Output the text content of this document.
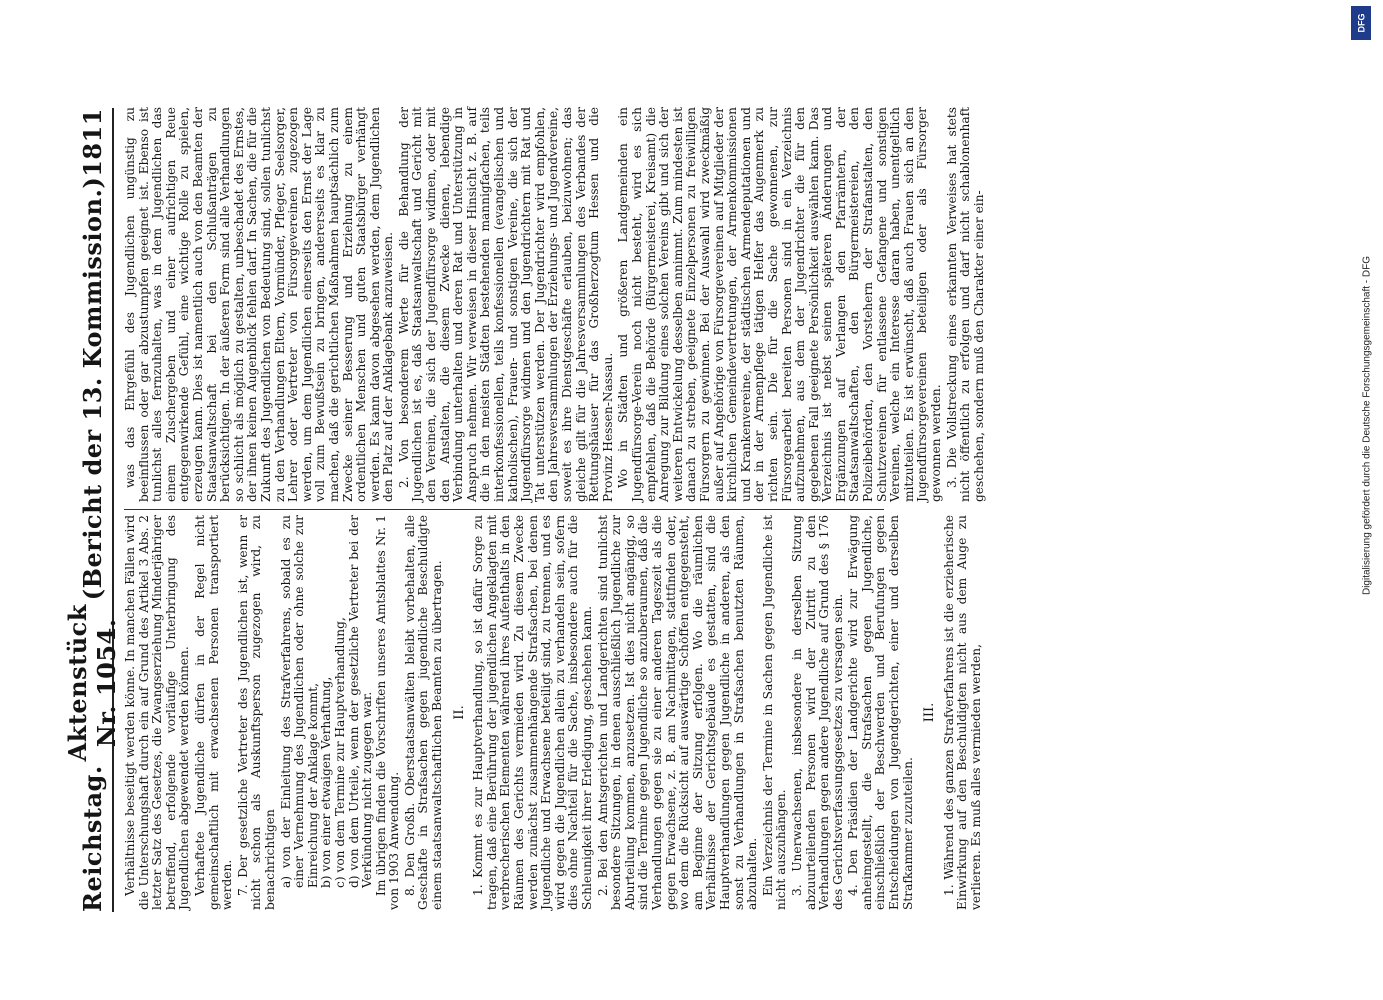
Reichstag.
Aktenstück Nr. 1054.
(Bericht der 13. Kommission.)
1811

Verhältnisse beseitigt werden könne. In manchen Fällen wird die Unterschungshaft durch ein auf Grund des Artikel 3 Abs. 2 letzter Satz des Gesetzes, die Zwangserziehung Minderjähriger betreffend, erfolgende vorläufige Unterbringung des Jugendlichen abgewendet werden können. Verhaftete Jugendliche dürfen in der Regel nicht gemeinschaftlich mit erwachsenen Personen transportiert werden. 7. Der gesetzliche Vertreter des Jugendlichen ist, wenn er nicht schon als Auskunftsperson zugezogen wird, zu benachrichtigen a) von der Einleitung des Strafverfahrens, sobald es zu einer Vernehmung des Jugendlichen oder ohne solche zur Einreichung der Anklage kommt, b) von einer etwaigen Verhaftung, c) von dem Termine zur Hauptverhandlung, d) von dem Urteile, wenn der gesetzliche Vertreter bei der Verkündung nicht zugegen war. Im übrigen finden die Vorschriften unseres Amtsblattes Nr. 1 von 1903 Anwendung. 8. Den Großh. Oberstaatsanwälten bleibt vorbehalten, alle Geschäfte in Strafsachen gegen jugendliche Beschuldigte einem staatsanwaltschaftlichen Beamten zu übertragen. II. 1. Kommt es zur Hauptverhandlung, so ist dafür Sorge zu tragen, daß eine Berührung der jugendlichen Angeklagten mit verbrecherischen Elementen während ihres Aufenthalts in den Räumen des Gerichts vermieden wird. Zu diesem Zwecke werden zunächst zusammenhängende Strafsachen, bei denen Jugendliche und Erwachsene beteiligt sind, zu trennen, und es wird gegen die Jugendlichen allein zu verhandeln sein, sofern dies ohne Nachteil für die Sache, insbesondere auch für die Schleunigkeit ihrer Erledigung, geschehen kann. 2. Bei den Amtsgerichten und Landgerichten sind tunlichst besondere Sitzungen, in denen ausschließlich Jugendliche zur Aburteilung kommen, anzusetzen. Ist dies nicht angängig, so sind die Termine gegen Jugendliche so anzuberaumen, daß die Verhandlungen gegen sie zu einer anderen Tageszeit als die gegen Erwachsene, z. B. am Nachmittagen, stattfinden oder, wo dem die Rücksicht auf auswärtige Schöffen entgegensteht, am Beginne der Sitzung erfolgen. Wo die räumlichen Verhältnisse der Gerichtsgebäude es gestatten, sind die Hauptverhandlungen gegen Jugendliche in anderen, als den sonst zu Verhandlungen in Strafsachen benutzten Räumen, abzuhalten. Ein Verzeichnis der Termine in Sachen gegen Jugendliche ist nicht auszuhängen. 3. Unerwachsenen, insbesondere in derselben Sitzung abzuurteilenden Personen wird der Zutritt zu den Verhandlungen gegen andere Jugendliche auf Grund des § 176 des Gerichtsverfassungsgesetzes zu versagen sein. 4. Den Präsidien der Landgerichte wird zur Erwägung anheimgestellt, die Strafsachen gegen Jugendliche, einschließlich der Beschwerden und Berufungen gegen Entscheidungen von Jugendgerichten, einer und derselben Strafkammer zuzuteilen.

III. 1. Während des ganzen Strafverfahrens ist die erzieherische Einwirkung auf den Beschuldigten nicht aus dem Auge zu verlieren. Es muß alles vermieden werden,

was das Ehrgefühl des Jugendlichen ungünstig zu beeinflussen oder gar abzustumpfen geeignet ist. Ebenso ist tunlichst alles fernzuhalten, was in dem Jugendlichen das einem Zuschergeben und einer aufrichtigen Reue entgegenwirkende Gefühl, eine wichtige Rolle zu spielen, erzeugen kann. Dies ist namentlich auch von den Beamten der Staatsanwaltschaft bei den Schlußanträgen zu berücksichtigen. In der äußeren Form sind alle Verhandlungen so schlicht als möglich zu gestalten, unbeschadet des Ernstes, der ihnen keinen Augenblick fehlen darf. In Sachen, die für die Zukunft des Jugendlichen von Bedeutung sind, sollen tunlichst zu den Verhandlungen Eltern, Vormünder, Pfleger, Seelsorger, Lehrer oder Vertreter von Fürsorgevereinen zugezogen werden, um dem Jugendlichen einerseits den Ernst der Lage voll zum Bewußtsein zu bringen, andererseits es klar zu machen, daß die gerichtlichen Maßnahmen hauptsächlich zum Zwecke seiner Besserung und Erziehung zu einem ordentlichen Menschen und guten Staatsbürger verhängt werden. Es kann davon abgesehen werden, dem Jugendlichen den Platz auf der Anklagebank anzuweisen. 2. Von besonderem Werte für die Behandlung der Jugendlichen ist es, daß Staatsanwaltschaft und Gericht mit den Vereinen, die sich der Jugendfürsorge widmen, oder mit den Anstalten, die diesem Zwecke dienen, lebendige Verbindung unterhalten und deren Rat und Unterstützung in Anspruch nehmen. Wir verweisen in dieser Hinsicht z. B. auf die in den meisten Städten bestehenden mannigfachen, teils interkonfessionellen, teils konfessionellen (evangelischen und katholischen), Frauen- und sonstigen Vereine, die sich der Jugendfürsorge widmen und den Jugendrichtern mit Rat und Tat unterstützen werden. Der Jugendrichter wird empfohlen, den Jahresversammlungen der Erziehungs- und Jugendvereine, soweit es ihre Dienstgeschäfte erlauben, beizuwohnen; das gleiche gilt für die Jahresversammlungen des Verbandes der Rettungshäuser für das Großherzogtum Hessen und die Provinz Hessen-Nassau. Wo in Städten und größeren Landgemeinden ein Jugendfürsorge-Verein noch nicht besteht, wird es sich empfehlen, daß die Behörde (Bürgermeisterei, Kreisamt) die Anregung zur Bildung eines solchen Vereins gibt und sich der weiteren Entwickelung desselben annimmt. Zum mindesten ist danach zu streben, geeignete Einzelpersonen zu freiwilligen Fürsorgern zu gewinnen. Bei der Auswahl wird zweckmäßig außer auf Angehörige von Fürsorgevereinen auf Mitglieder der kirchlichen Gemeindevertretungen, der Armenkommissionen und Krankenvereine, der städtischen Armendeputationen und der in der Armenpflege tätigen Helfer das Augenmerk zu richten sein. Die für die Sache gewonnenen, zur Fürsorgearbeit bereiten Personen sind in ein Verzeichnis aufzunehmen, aus dem der Jugendrichter die für den gegebenen Fall geeignete Persönlichkeit auswählen kann. Das Verzeichnis ist nebst seinen späteren Änderungen und Ergänzungen auf Verlangen den Pfarrämtern, der Staatsanwaltschaften, den Bürgermeistereien, den Polizeibehörden, den Vorstehern der Strafanstalten, den Schutzvereinen für entlassene Gefangene und sonstigen Vereinen, welche ein Interesse daran haben, unentgeltlich mitzuteilen. Es ist erwünscht, daß auch Frauen sich an den Jugendfürsorgevereinen beteiligen oder als Fürsorger gewonnen werden. 3. Die Vollstreckung eines erkannten Verweises hat stets nicht öffentlich zu erfolgen und darf nicht schablonenhaft geschehen, sondern muß den Charakter einer ein-

DFG
Digitalisierung gefördert durch die Deutsche Forschungsgemeinschaft - DFG
